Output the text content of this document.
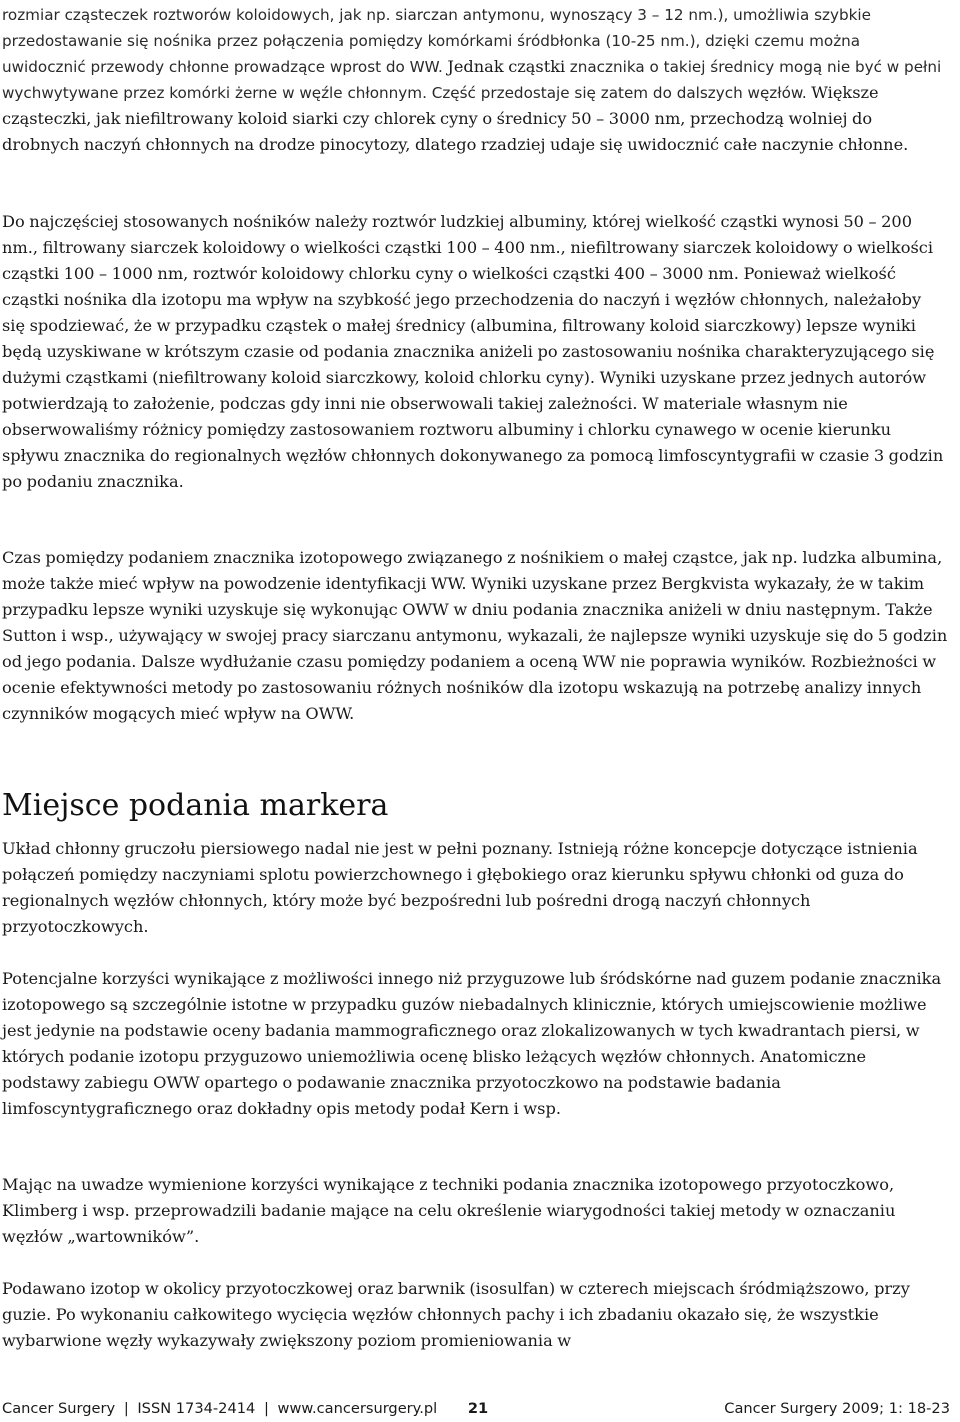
rozmiar cząsteczek roztworów koloidowych, jak np. siarczan antymonu, wynoszący 3 – 12 nm.), umożliwia szybkie przedostawanie się nośnika przez połączenia pomiędzy komórkami śródbłonka (10-25 nm.), dzięki czemu można uwidocznić przewody chłonne prowadzące wprost do WW. Jednak cząstki znacznika o takiej średnicy mogą nie być w pełni wychwytywane przez komórki żerne w węźle chłonnym. Część przedostaje się zatem do dalszych węzłów. Większe cząsteczki, jak niefiltrowany koloid siarki czy chlorek cyny o średnicy 50 – 3000 nm, przechodzą wolniej do drobnych naczyń chłonnych na drodze pinocytozy, dlatego rzadziej udaje się uwidocznić całe naczynie chłonne.

Do najczęściej stosowanych nośników należy roztwór ludzkiej albuminy, której wielkość cząstki wynosi 50 – 200 nm., filtrowany siarczek koloidowy o wielkości cząstki 100 – 400 nm., niefiltrowany siarczek koloidowy o wielkości cząstki 100 – 1000 nm, roztwór koloidowy chlorku cyny o wielkości cząstki 400 – 3000 nm. Ponieważ wielkość cząstki nośnika dla izotopu ma wpływ na szybkość jego przechodzenia do naczyń i węzłów chłonnych, należałoby się spodziewać, że w przypadku cząstek o małej średnicy (albumina, filtrowany koloid siarczkowy) lepsze wyniki będą uzyskiwane w krótszym czasie od podania znacznika aniżeli po zastosowaniu nośnika charakteryzującego się dużymi cząstkami (niefiltrowany koloid siarczkowy, koloid chlorku cyny). Wyniki uzyskane przez jednych autorów potwierdzają to założenie, podczas gdy inni nie obserwowali takiej zależności. W materiale własnym nie obserwowaliśmy różnicy pomiędzy zastosowaniem roztworu albuminy i chlorku cynawego w ocenie kierunku spływu znacznika do regionalnych węzłów chłonnych dokonywanego za pomocą limfoscyntygrafii w czasie 3 godzin po podaniu znacznika.

Czas pomiędzy podaniem znacznika izotopowego związanego z nośnikiem o małej cząstce, jak np. ludzka albumina, może także mieć wpływ na powodzenie identyfikacji WW. Wyniki uzyskane przez Bergkvista wykazały, że w takim przypadku lepsze wyniki uzyskuje się wykonując OWW w dniu podania znacznika aniżeli w dniu następnym. Także Sutton i wsp., używający w swojej pracy siarczanu antymonu, wykazali, że najlepsze wyniki uzyskuje się do 5 godzin od jego podania. Dalsze wydłużanie czasu pomiędzy podaniem a oceną WW nie poprawia wyników. Rozbieżności w ocenie efektywności metody po zastosowaniu różnych nośników dla izotopu wskazują na potrzebę analizy innych czynników mogących mieć wpływ na OWW.

Miejsce podania markera

Układ chłonny gruczołu piersiowego nadal nie jest w pełni poznany. Istnieją różne koncepcje dotyczące istnienia połączeń pomiędzy naczyniami splotu powierzchownego i głębokiego oraz kierunku spływu chłonki od guza do regionalnych węzłów chłonnych, który może być bezpośredni lub pośredni drogą naczyń chłonnych przyotoczkowych.

Potencjalne korzyści wynikające z możliwości innego niż przyguzowe lub śródskórne nad guzem podanie znacznika izotopowego są szczególnie istotne w przypadku guzów niebadalnych klinicznie, których umiejscowienie możliwe jest jedynie na podstawie oceny badania mammograficznego oraz zlokalizowanych w tych kwadrantach piersi, w których podanie izotopu przyguzowo uniemożliwia ocenę blisko leżących węzłów chłonnych. Anatomiczne podstawy zabiegu OWW opartego o podawanie znacznika przyotoczkowo na podstawie badania limfoscyntygraficznego oraz dokładny opis metody podał Kern i wsp.

Mając na uwadze wymienione korzyści wynikające z techniki podania znacznika izotopowego przyotoczkowo, Klimberg i wsp. przeprowadzili badanie mające na celu określenie wiarygodności takiej metody w oznaczaniu węzłów „wartowników”.

Podawano izotop w okolicy przyotoczkowej oraz barwnik (isosulfan) w czterech miejscach śródmiąższowo, przy guzie. Po wykonaniu całkowitego wycięcia węzłów chłonnych pachy i ich zbadaniu okazało się, że wszystkie wybarwione węzły wykazywały zwiększony poziom promieniowania w

Cancer Surgery | ISSN 1734-2414 | www.cancersurgery.pl 21	Cancer Surgery 2009; 1: 18-23
